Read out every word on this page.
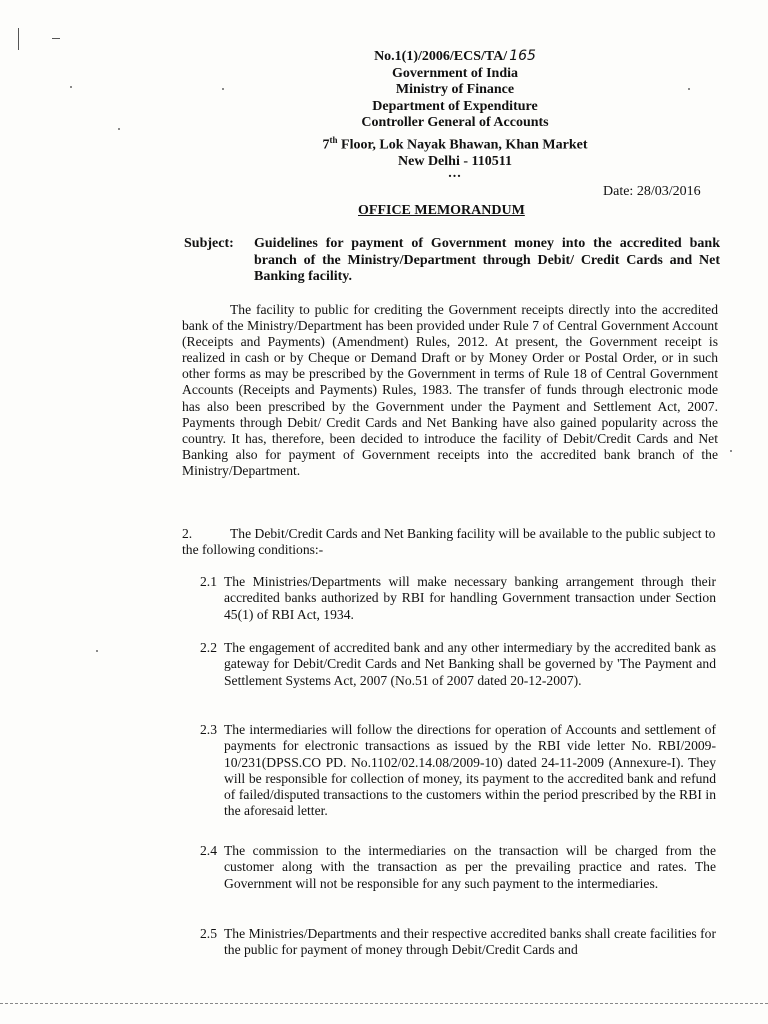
No.1(1)/2006/ECS/TA/ 165
Government of India
Ministry of Finance
Department of Expenditure
Controller General of Accounts
7th Floor, Lok Nayak Bhawan, Khan Market
New Delhi - 110511
...
Date: 28/03/2016
OFFICE MEMORANDUM
Subject:	Guidelines for payment of Government money into the accredited bank branch of the Ministry/Department through Debit/ Credit Cards and Net Banking facility.
The facility to public for crediting the Government receipts directly into the accredited bank of the Ministry/Department has been provided under Rule 7 of Central Government Account (Receipts and Payments) (Amendment) Rules, 2012. At present, the Government receipt is realized in cash or by Cheque or Demand Draft or by Money Order or Postal Order, or in such other forms as may be prescribed by the Government in terms of Rule 18 of Central Government Accounts (Receipts and Payments) Rules, 1983. The transfer of funds through electronic mode has also been prescribed by the Government under the Payment and Settlement Act, 2007. Payments through Debit/ Credit Cards and Net Banking have also gained popularity across the country. It has, therefore, been decided to introduce the facility of Debit/Credit Cards and Net Banking also for payment of Government receipts into the accredited bank branch of the Ministry/Department.
2.	The Debit/Credit Cards and Net Banking facility will be available to the public subject to the following conditions:-
2.1 The Ministries/Departments will make necessary banking arrangement through their accredited banks authorized by RBI for handling Government transaction under Section 45(1) of RBI Act, 1934.
2.2 The engagement of accredited bank and any other intermediary by the accredited bank as gateway for Debit/Credit Cards and Net Banking shall be governed by 'The Payment and Settlement Systems Act, 2007 (No.51 of 2007 dated 20-12-2007).
2.3 The intermediaries will follow the directions for operation of Accounts and settlement of payments for electronic transactions as issued by the RBI vide letter No. RBI/2009-10/231(DPSS.CO PD. No.1102/02.14.08/2009-10) dated 24-11-2009 (Annexure-I). They will be responsible for collection of money, its payment to the accredited bank and refund of failed/disputed transactions to the customers within the period prescribed by the RBI in the aforesaid letter.
2.4 The commission to the intermediaries on the transaction will be charged from the customer along with the transaction as per the prevailing practice and rates. The Government will not be responsible for any such payment to the intermediaries.
2.5 The Ministries/Departments and their respective accredited banks shall create facilities for the public for payment of money through Debit/Credit Cards and
